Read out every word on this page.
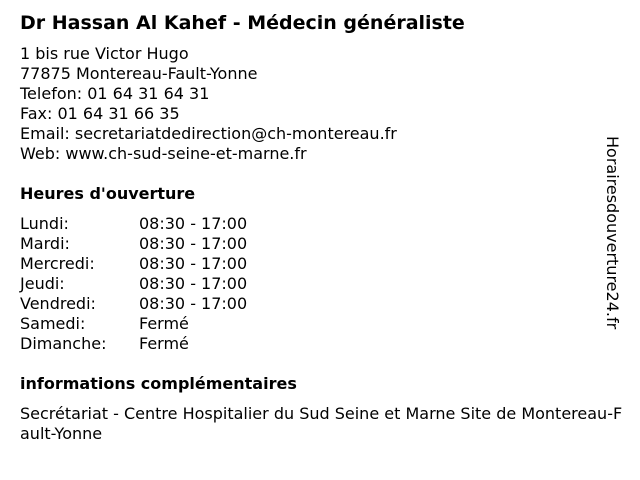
Dr Hassan Al Kahef - Médecin généraliste
1 bis rue Victor Hugo
77875 Montereau-Fault-Yonne
Telefon: 01 64 31 64 31
Fax: 01 64 31 66 35
Email: secretariatdedirection@ch-montereau.fr
Web: www.ch-sud-seine-et-marne.fr
Heures d'ouverture
Lundi:	08:30 - 17:00
Mardi:	08:30 - 17:00
Mercredi:	08:30 - 17:00
Jeudi:	08:30 - 17:00
Vendredi:	08:30 - 17:00
Samedi:	Fermé
Dimanche: Fermé
informations complémentaires
Secrétariat - Centre Hospitalier du Sud Seine et Marne Site de Montereau-Fault-Yonne
Horairesdouverture24.fr
